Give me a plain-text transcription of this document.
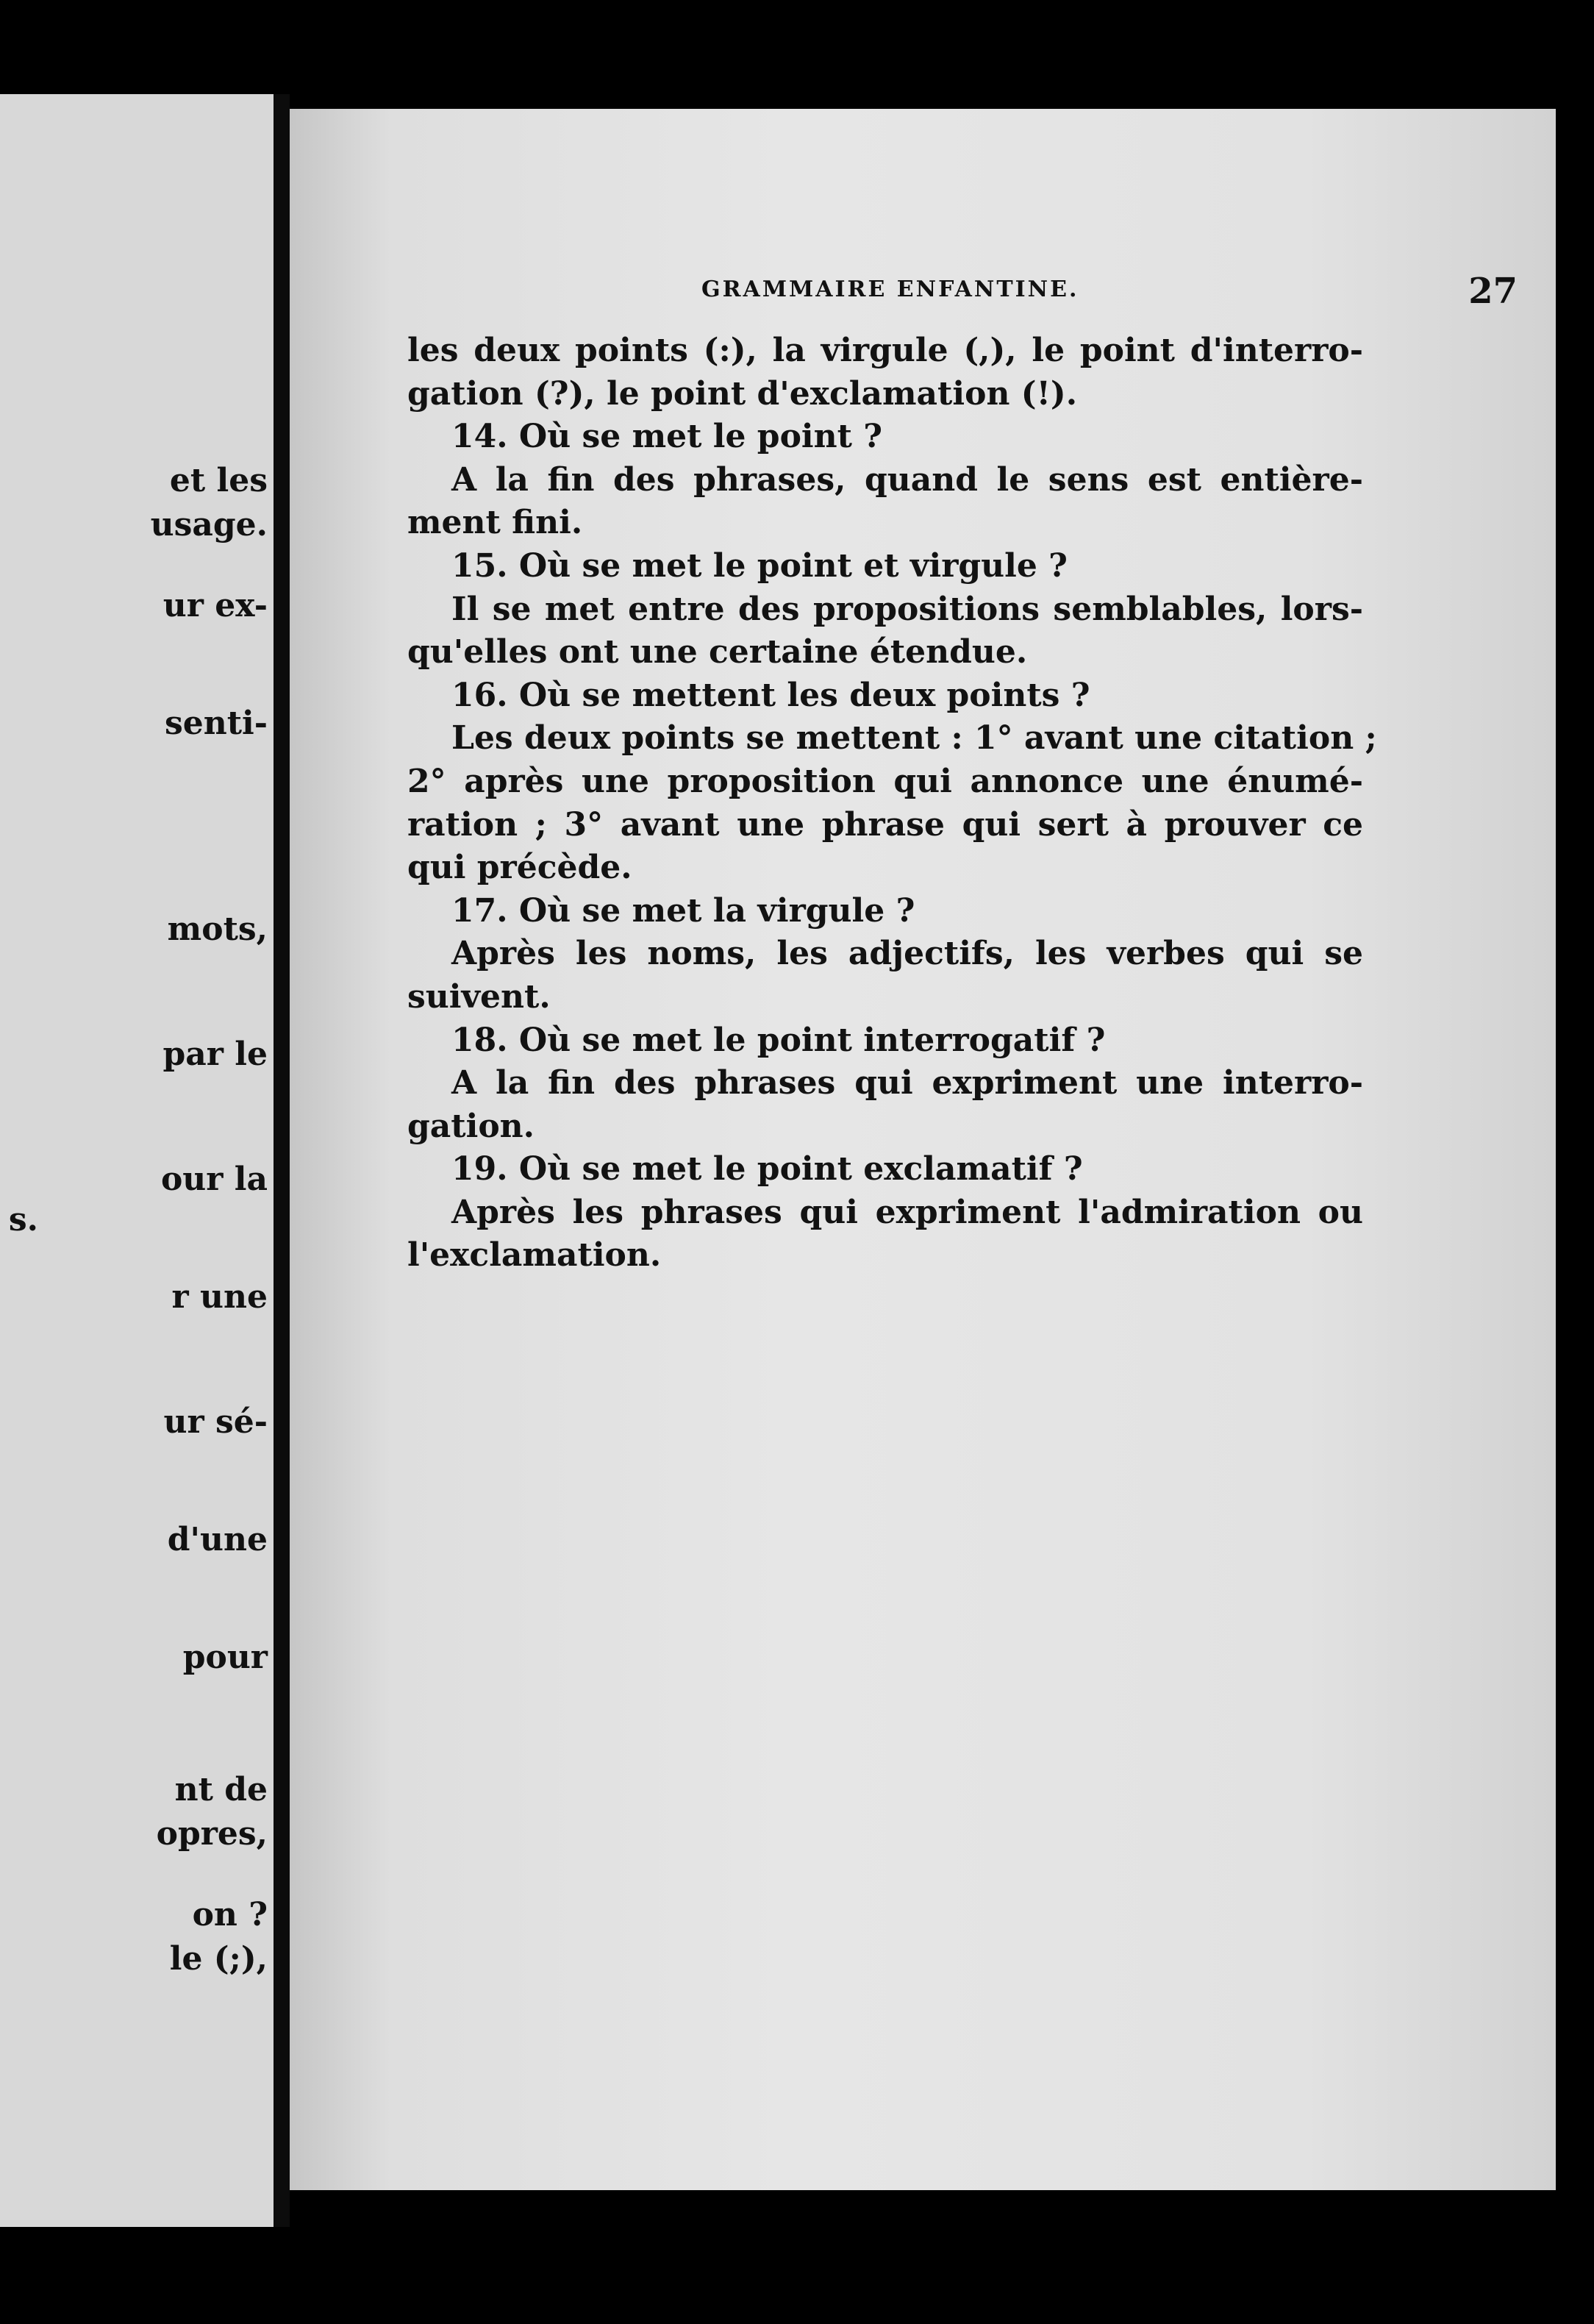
et les
usage.
ur ex-
senti-
mots,
par le
our la
s.
r une
ur sé-
d'une
pour
nt de
opres,
on ?
le (;),
GRAMMAIRE ENFANTINE.	27
les deux points (:), la virgule (,), le point d'interro-
gation (?), le point d'exclamation (!).
14. Où se met le point ?
A la fin des phrases, quand le sens est entière-
ment fini.
15. Où se met le point et virgule ?
Il se met entre des propositions semblables, lors-
qu'elles ont une certaine étendue.
16. Où se mettent les deux points ?
Les deux points se mettent : 1° avant une citation ;
2° après une proposition qui annonce une énumé-
ration ; 3° avant une phrase qui sert à prouver ce
qui précède.
17. Où se met la virgule ?
Après les noms, les adjectifs, les verbes qui se
suivent.
18. Où se met le point interrogatif ?
A la fin des phrases qui expriment une interro-
gation.
19. Où se met le point exclamatif ?
Après les phrases qui expriment l'admiration ou
l'exclamation.
